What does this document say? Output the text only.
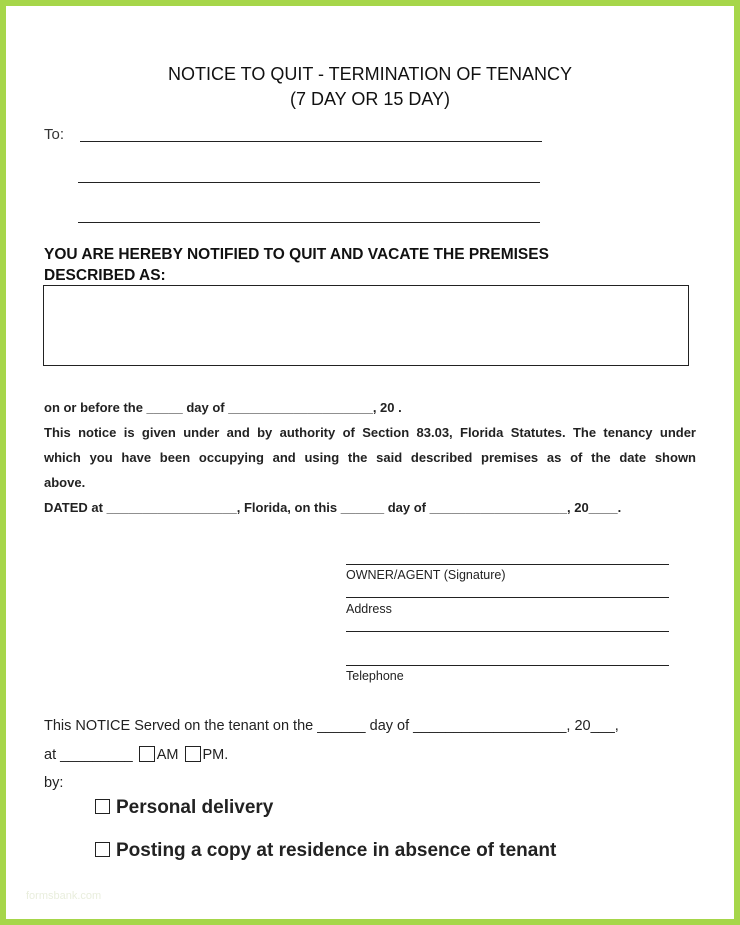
NOTICE TO QUIT - TERMINATION OF TENANCY
(7 DAY OR 15 DAY)
To:
YOU ARE HEREBY NOTIFIED TO QUIT AND VACATE THE PREMISES
DESCRIBED AS:
on or before the _____ day of ____________________, 20 .
This notice is given under and by authority of Section 83.03, Florida Statutes. The tenancy under
which you have been occupying and using the said described premises as of the date shown
above.
DATED at __________________, Florida, on this ______ day of ___________________, 20____.
OWNER/AGENT (Signature)
Address
Telephone
This NOTICE Served on the tenant on the ______ day of ___________________, 20___,
at _________ AM PM.
by:
Personal delivery
Posting a copy at residence in absence of tenant
formsbank.com
